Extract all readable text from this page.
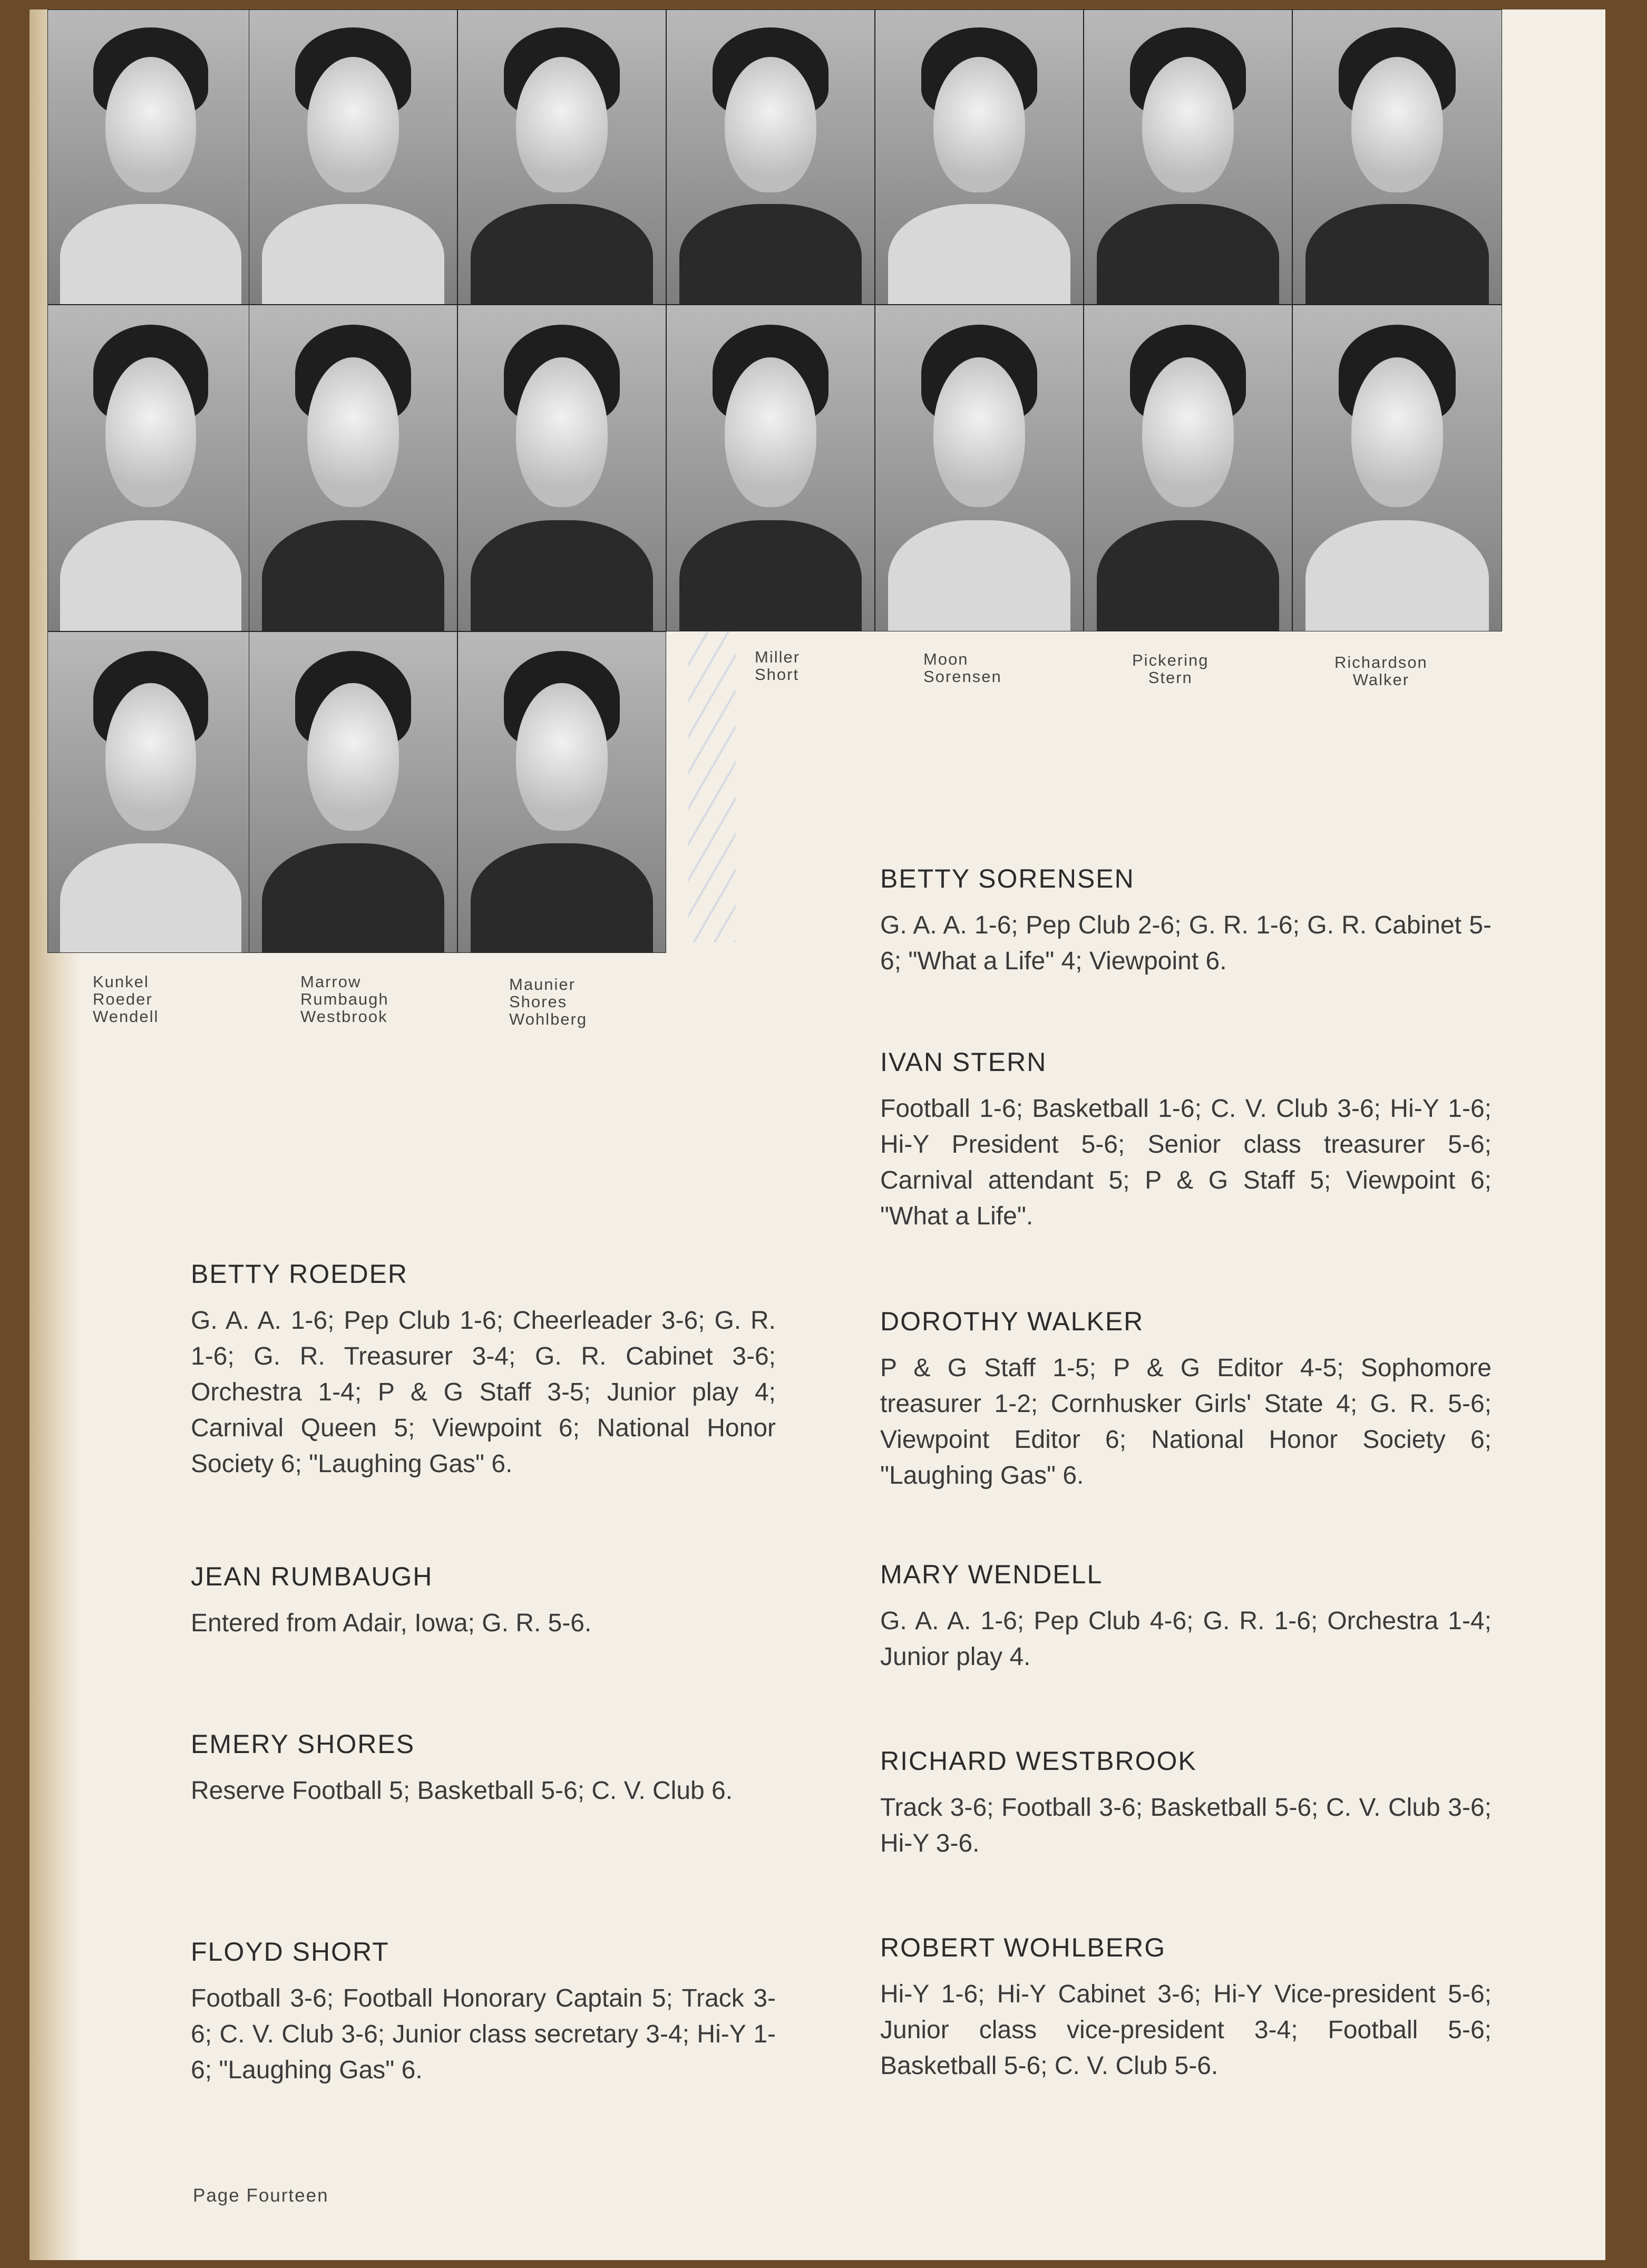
Kunkel
Roeder
Wendell
Marrow
Rumbaugh
Westbrook
Maunier
Shores
Wohlberg
Miller
Short
Moon
Sorensen
Pickering
Stern
Richardson
Walker
BETTY ROEDER

G. A. A. 1-6; Pep Club 1-6; Cheerleader 3-6; G. R. 1-6; G. R. Treasurer 3-4; G. R. Cabinet 3-6; Orchestra 1-4; P & G Staff 3-5; Junior play 4; Carnival Queen 5; Viewpoint 6; National Honor Society 6; "Laughing Gas" 6.

JEAN RUMBAUGH

Entered from Adair, Iowa; G. R. 5-6.

EMERY SHORES

Reserve Football 5; Basketball 5-6; C. V. Club 6.

FLOYD SHORT

Football 3-6; Football Honorary Captain 5; Track 3-6; C. V. Club 3-6; Junior class secretary 3-4; Hi-Y 1-6; "Laughing Gas" 6.

BETTY SORENSEN

G. A. A. 1-6; Pep Club 2-6; G. R. 1-6; G. R. Cabinet 5-6; "What a Life" 4; Viewpoint 6.

IVAN STERN

Football 1-6; Basketball 1-6; C. V. Club 3-6; Hi-Y 1-6; Hi-Y President 5-6; Senior class treasurer 5-6; Carnival attendant 5; P & G Staff 5; Viewpoint 6; "What a Life".

DOROTHY WALKER

P & G Staff 1-5; P & G Editor 4-5; Sophomore treasurer 1-2; Cornhusker Girls' State 4; G. R. 5-6; Viewpoint Editor 6; National Honor Society 6; "Laughing Gas" 6.

MARY WENDELL

G. A. A. 1-6; Pep Club 4-6; G. R. 1-6; Orchestra 1-4; Junior play 4.

RICHARD WESTBROOK

Track 3-6; Football 3-6; Basketball 5-6; C. V. Club 3-6; Hi-Y 3-6.

ROBERT WOHLBERG

Hi-Y 1-6; Hi-Y Cabinet 3-6; Hi-Y Vice-president 5-6; Junior class vice-president 3-4; Football 5-6; Basketball 5-6; C. V. Club 5-6.

Page Fourteen
